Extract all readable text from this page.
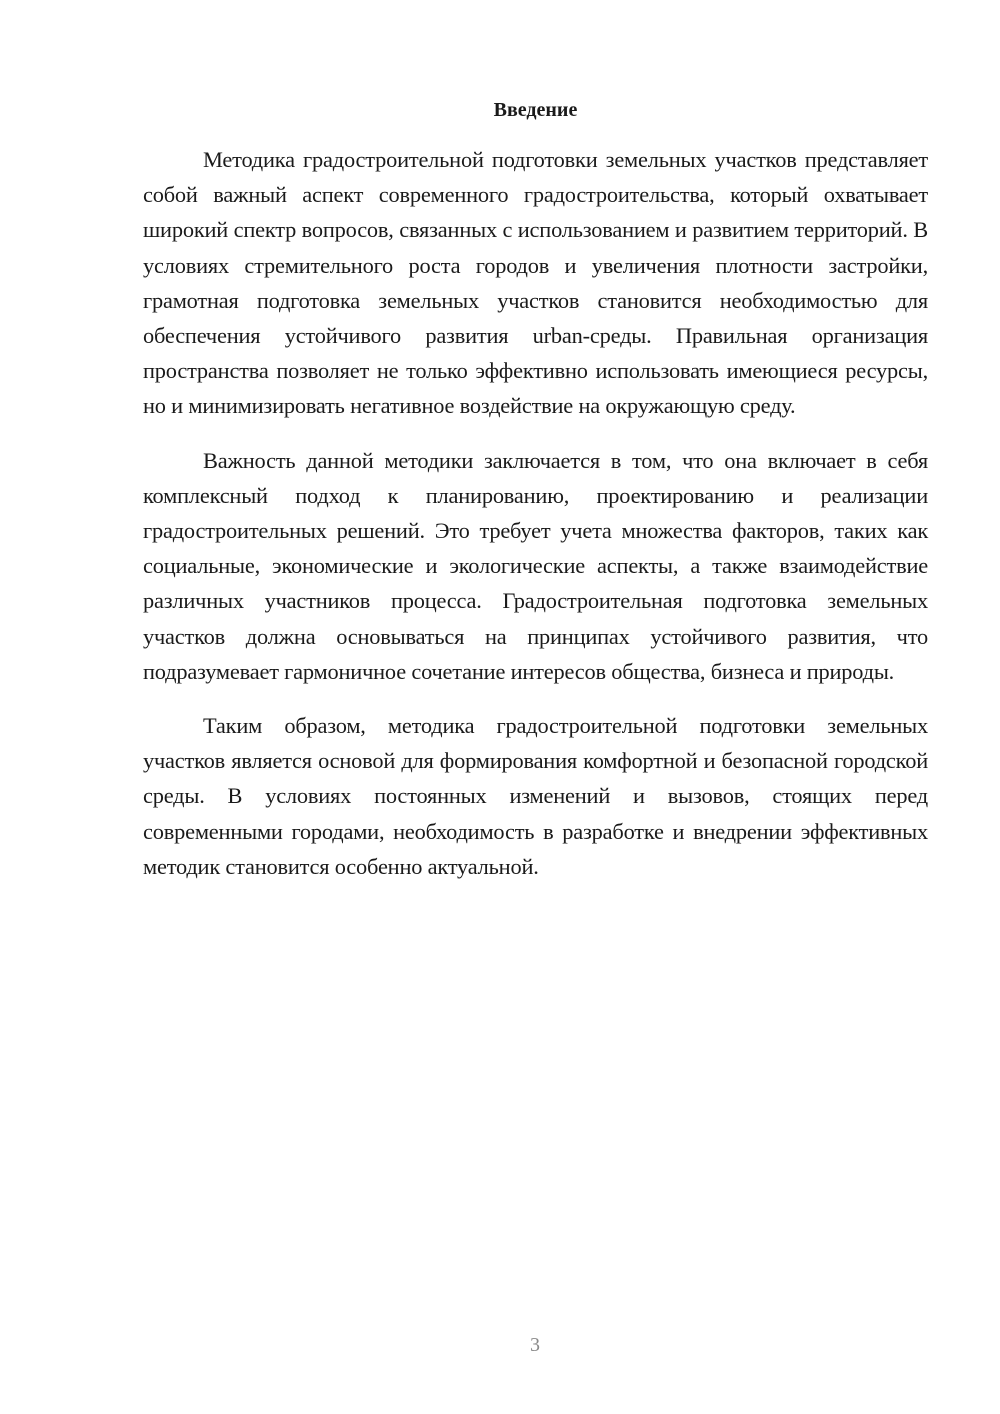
Введение

Методика градостроительной подготовки земельных участков представляет собой важный аспект современного градостроительства, который охватывает широкий спектр вопросов, связанных с использованием и развитием территорий. В условиях стремительного роста городов и увеличения плотности застройки, грамотная подготовка земельных участков становится необходимостью для обеспечения устойчивого развития urban-среды. Правильная организация пространства позволяет не только эффективно использовать имеющиеся ресурсы, но и минимизировать негативное воздействие на окружающую среду.

Важность данной методики заключается в том, что она включает в себя комплексный подход к планированию, проектированию и реализации градостроительных решений. Это требует учета множества факторов, таких как социальные, экономические и экологические аспекты, а также взаимодействие различных участников процесса. Градостроительная подготовка земельных участков должна основываться на принципах устойчивого развития, что подразумевает гармоничное сочетание интересов общества, бизнеса и природы.

Таким образом, методика градостроительной подготовки земельных участков является основой для формирования комфортной и безопасной городской среды. В условиях постоянных изменений и вызовов, стоящих перед современными городами, необходимость в разработке и внедрении эффективных методик становится особенно актуальной.

3
